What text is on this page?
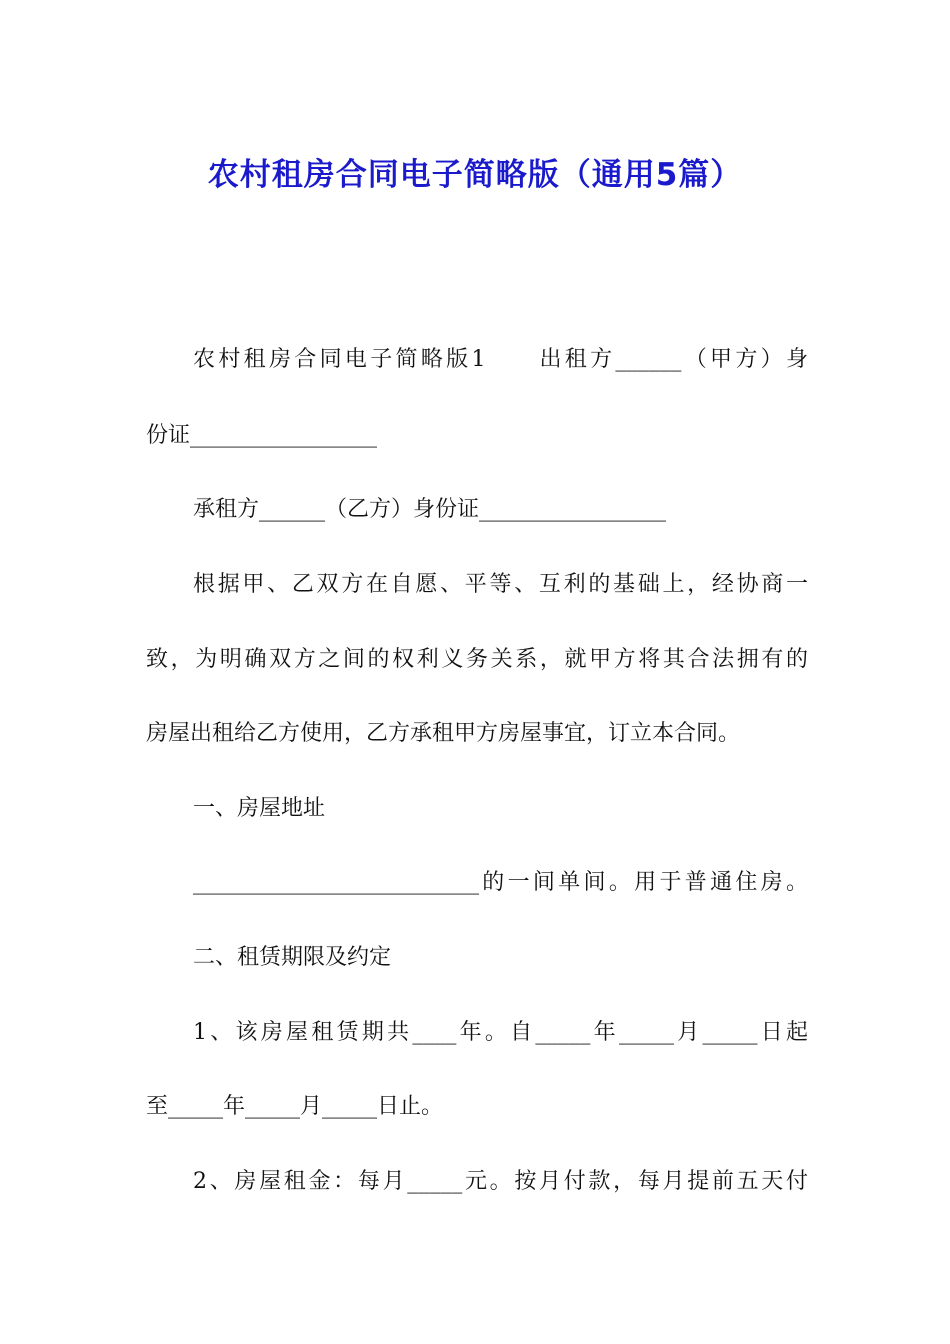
农村租房合同电子简略版（通用5篇）
农村租房合同电子简略版1　　出租方______（甲方）身
份证_________________
承租方______（乙方）身份证_________________
根据甲、乙双方在自愿、平等、互利的基础上，经协商一
致，为明确双方之间的权利义务关系，就甲方将其合法拥有的
房屋出租给乙方使用，乙方承租甲方房屋事宜，订立本合同。
一、房屋地址
__________________________的一间单间。用于普通住房。
二、租赁期限及约定
1、该房屋租赁期共____年。自_____年_____月_____日起
至_____年_____月_____日止。
2、房屋租金：每月_____元。按月付款，每月提前五天付
